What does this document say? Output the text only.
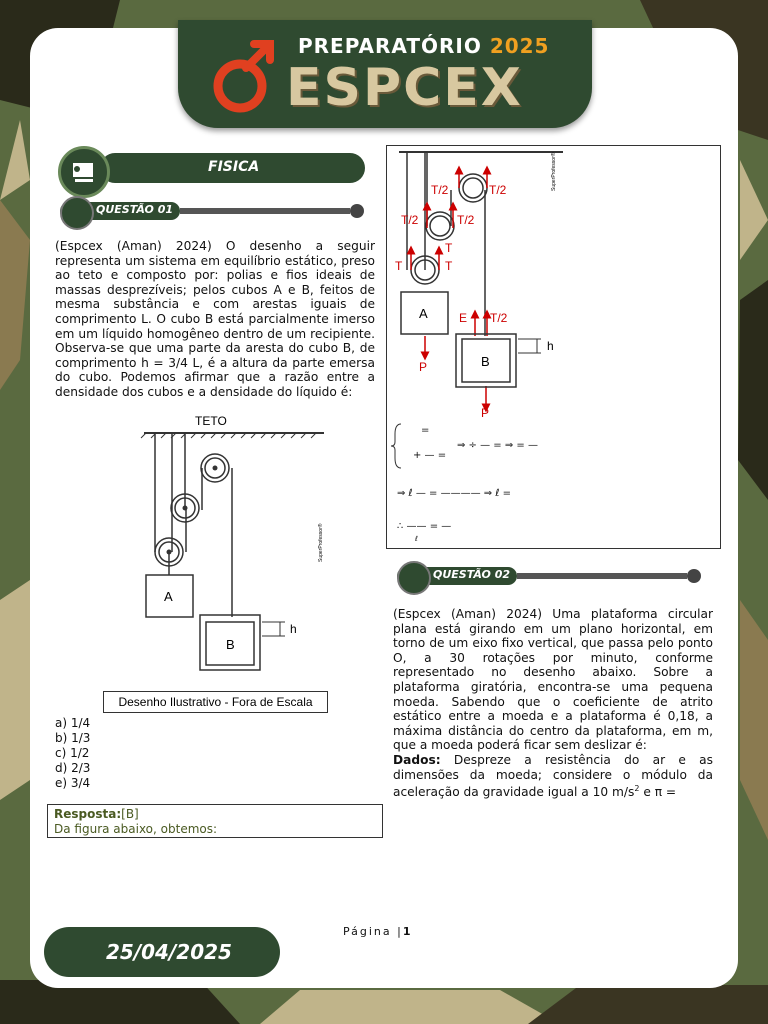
PREPARATÓRIO 2025
ESPCEX
FISICA
QUESTÃO 01
(Espcex (Aman) 2024) O desenho a seguir representa um sistema em equilíbrio estático, preso ao teto e composto por: polias e fios ideais de massas desprezíveis; pelos cubos A e B, feitos de mesma substância e com arestas iguais de comprimento L. O cubo B está parcialmente imerso em um líquido homogêneo dentro de um recipiente. Observa-se que uma parte da aresta do cubo B, de comprimento h = 3/4 L, é a altura da parte emersa do cubo. Podemos afirmar que a razão entre a densidade dos cubos e a densidade do líquido é:
TETO
SuperProfessor®
A
B
h
Desenho Ilustrativo - Fora de Escala
a) 1/4
b) 1/3
c) 1/2
d) 2/3
e) 3/4
Resposta:[B]
Da figura abaixo, obtemos:
SuperProfessor®
T	T
T
T/2	T/2
T/2	T/2
E T/2
P
P
A
B
h
=
+ — =
⇒ ÷ — = ⇒ = —
⇒ ℓ — = ———— ⇒ ℓ =
∴ —— = —
ℓ
QUESTÃO 02
(Espcex (Aman) 2024) Uma plataforma circular plana está girando em um plano horizontal, em torno de um eixo fixo vertical, que passa pelo ponto O, a 30 rotações por minuto, conforme representado no desenho abaixo. Sobre a plataforma giratória, encontra-se uma pequena moeda. Sabendo que o coeficiente de atrito estático entre a moeda e a plataforma é 0,18, a máxima distância do centro da plataforma, em m, que a moeda poderá ficar sem deslizar é:
Dados: Despreze a resistência do ar e as dimensões da moeda; considere o módulo da aceleração da gravidade igual a 10 $m/s^2$ e π =
Página |1
25/04/2025
